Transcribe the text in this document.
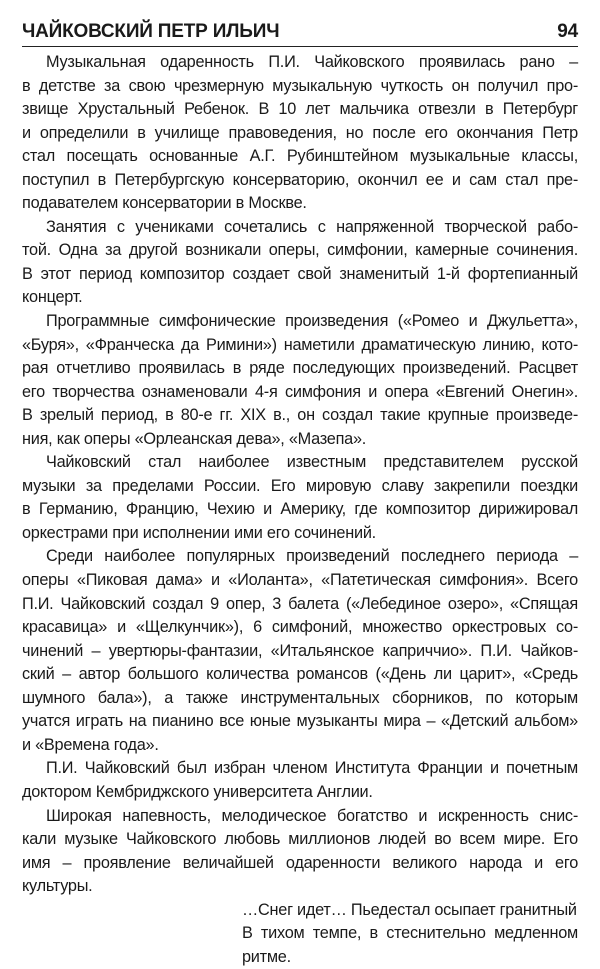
ЧАЙКОВСКИЙ ПЕТР ИЛЬИЧ	94
Музыкальная одаренность П.И. Чайковского проявилась рано –
в детстве за свою чрезмерную музыкальную чуткость он получил про-
звище Хрустальный Ребенок. В 10 лет мальчика отвезли в Петербург
и определили в училище правоведения, но после его окончания Петр
стал посещать основанные А.Г. Рубинштейном музыкальные классы,
поступил в Петербургскую консерваторию, окончил ее и сам стал пре-
подавателем консерватории в Москве.
Занятия с учениками сочетались с напряженной творческой рабо-
той. Одна за другой возникали оперы, симфонии, камерные сочинения.
В этот период композитор создает свой знаменитый 1-й фортепианный
концерт.
Программные симфонические произведения («Ромео и Джульетта»,
«Буря», «Франческа да Римини») наметили драматическую линию, кото-
рая отчетливо проявилась в ряде последующих произведений. Расцвет
его творчества ознаменовали 4-я симфония и опера «Евгений Онегин».
В зрелый период, в 80-е гг. XIX в., он создал такие крупные произведе-
ния, как оперы «Орлеанская дева», «Мазепа».
Чайковский стал наиболее известным представителем русской
музыки за пределами России. Его мировую славу закрепили поездки
в Германию, Францию, Чехию и Америку, где композитор дирижировал
оркестрами при исполнении ими его сочинений.
Среди наиболее популярных произведений последнего периода –
оперы «Пиковая дама» и «Иоланта», «Патетическая симфония». Всего
П.И. Чайковский создал 9 опер, 3 балета («Лебединое озеро», «Спящая
красавица» и «Щелкунчик»), 6 симфоний, множество оркестровых со-
чинений – увертюры-фантазии, «Итальянское каприччио». П.И. Чайков-
ский – автор большого количества романсов («День ли царит», «Средь
шумного бала»), а также инструментальных сборников, по которым
учатся играть на пианино все юные музыканты мира – «Детский альбом»
и «Времена года».
П.И. Чайковский был избран членом Института Франции и почетным
доктором Кембриджского университета Англии.
Широкая напевность, мелодическое богатство и искренность снис-
кали музыке Чайковского любовь миллионов людей во всем мире. Его
имя – проявление величайшей одаренности великого народа и его
культуры.
…Снег идет… Пьедестал осыпает гранитный
В тихом темпе, в стеснительно медленном ритме.
